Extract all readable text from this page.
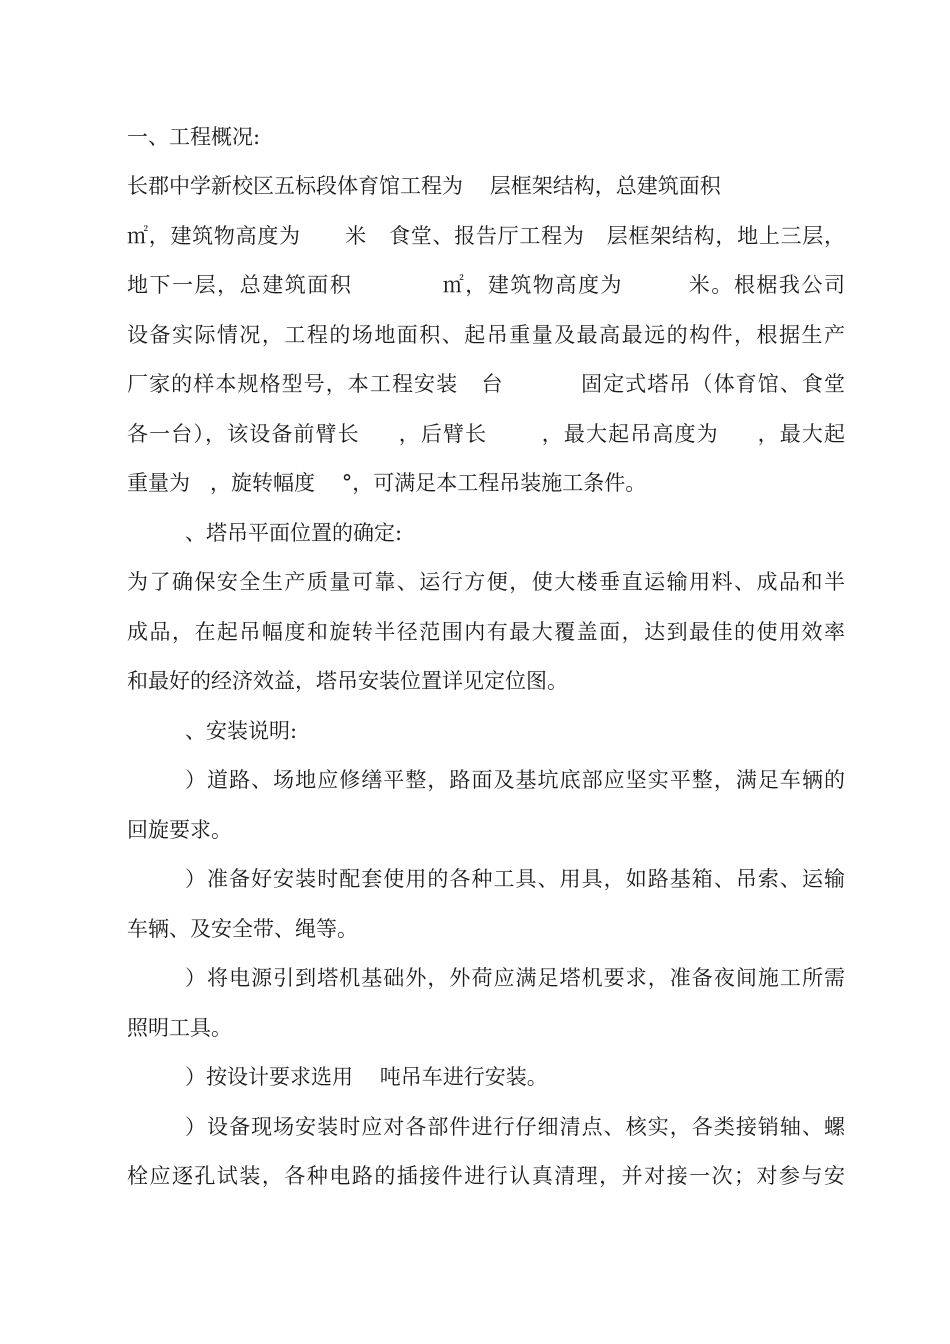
一、工程概况:

长郡中学新校区五标段体育馆工程为    层框架结构，总建筑面积

㎡，建筑物高度为      米   食堂、报告厅工程为   层框架结构，地上三层，

地下一层，总建筑面积           ㎡，建筑物高度为        米。根椐我公司

设备实际情况，工程的场地面积、起吊重量及最高最远的构件，根据生产

厂家的样本规格型号，本工程安装   台          固定式塔吊（体育馆、食堂

各一台），该设备前臂长     ，后臂长       ，最大起吊高度为     ，最大起

重量为   ，旋转幅度    °，可满足本工程吊装施工条件。

、塔吊平面位置的确定:

为了确保安全生产质量可靠、运行方便，使大楼垂直运输用料、成品和半

成品，在起吊幅度和旋转半径范围内有最大覆盖面，达到最佳的使用效率

和最好的经济效益，塔吊安装位置详见定位图。

、安装说明:

）道路、场地应修缮平整，路面及基坑底部应坚实平整，满足车辆的

回旋要求。

）准备好安装时配套使用的各种工具、用具，如路基箱、吊索、运输

车辆、及安全带、绳等。

）将电源引到塔机基础外，外荷应满足塔机要求，准备夜间施工所需

照明工具。

）按设计要求选用    吨吊车进行安装。

）设备现场安装时应对各部件进行仔细清点、核实，各类接销轴、螺

栓应逐孔试装，各种电路的插接件进行认真清理，并对接一次；对参与安
